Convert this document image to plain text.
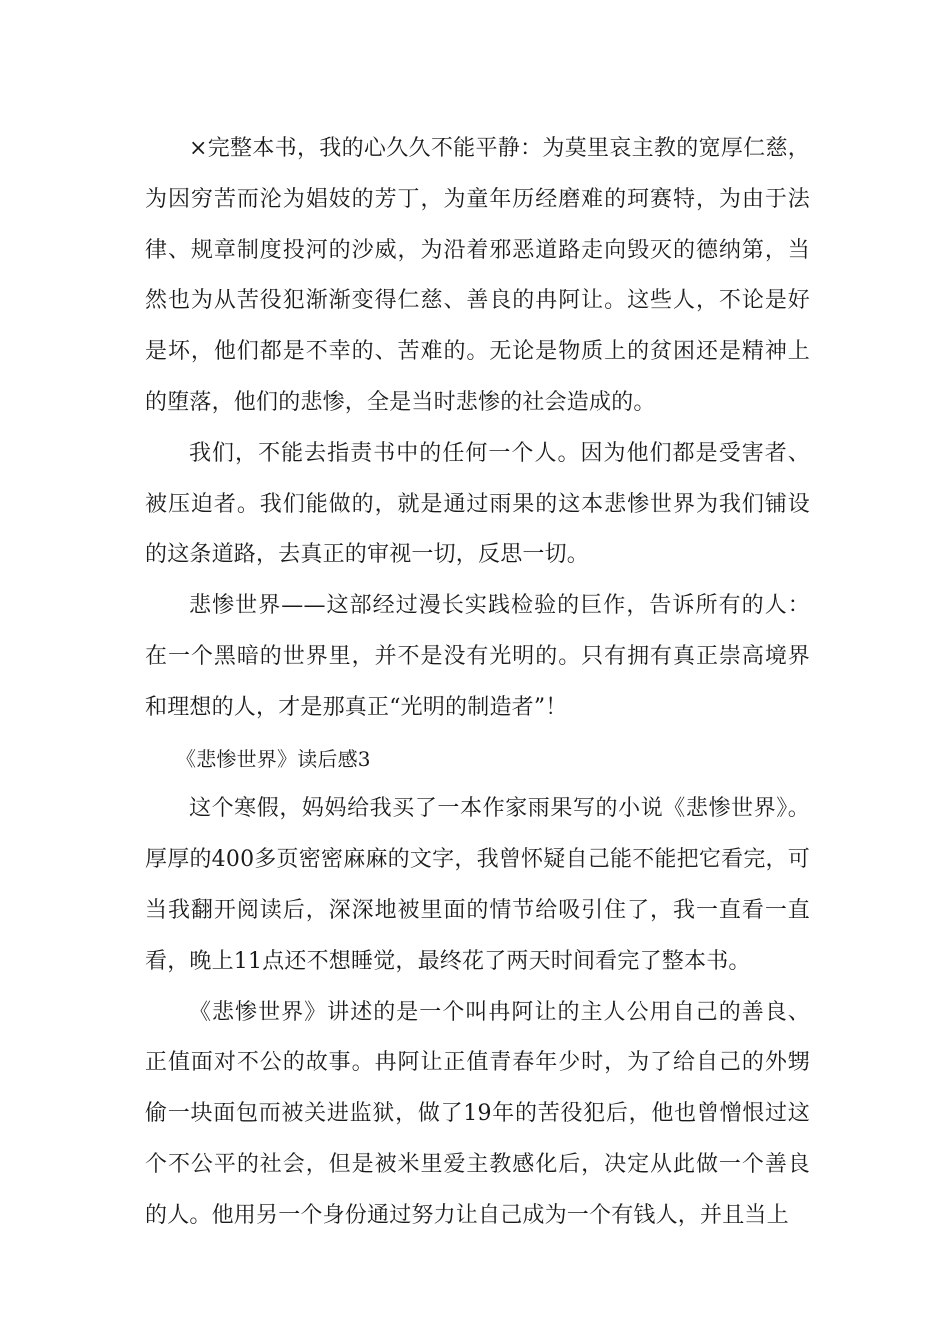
×完整本书，我的心久久不能平静：为莫里哀主教的宽厚仁慈，为因穷苦而沦为娼妓的芳丁，为童年历经磨难的珂赛特，为由于法律、规章制度投河的沙威，为沿着邪恶道路走向毁灭的德纳第，当然也为从苦役犯渐渐变得仁慈、善良的冉阿让。这些人，不论是好是坏，他们都是不幸的、苦难的。无论是物质上的贫困还是精神上的堕落，他们的悲惨，全是当时悲惨的社会造成的。

我们，不能去指责书中的任何一个人。因为他们都是受害者、被压迫者。我们能做的，就是通过雨果的这本悲惨世界为我们铺设的这条道路，去真正的审视一切，反思一切。

悲惨世界——这部经过漫长实践检验的巨作，告诉所有的人：在一个黑暗的世界里，并不是没有光明的。只有拥有真正崇高境界和理想的人，才是那真正“光明的制造者”！

《悲惨世界》读后感3

这个寒假，妈妈给我买了一本作家雨果写的小说《悲惨世界》。厚厚的400多页密密麻麻的文字，我曾怀疑自己能不能把它看完，可当我翻开阅读后，深深地被里面的情节给吸引住了，我一直看一直看，晚上11点还不想睡觉，最终花了两天时间看完了整本书。

《悲惨世界》讲述的是一个叫冉阿让的主人公用自己的善良、正值面对不公的故事。冉阿让正值青春年少时，为了给自己的外甥偷一块面包而被关进监狱，做了19年的苦役犯后，他也曾憎恨过这个不公平的社会，但是被米里爱主教感化后，决定从此做一个善良的人。他用另一个身份通过努力让自己成为一个有钱人，并且当上
